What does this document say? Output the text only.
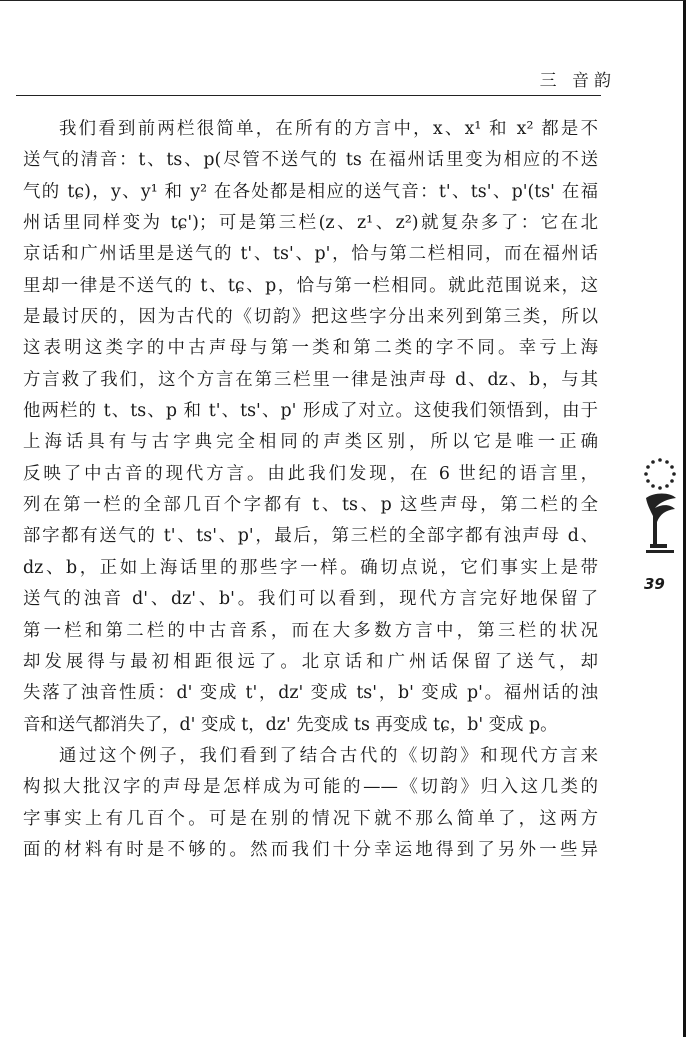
三 音韵
我们看到前两栏很简单，在所有的方言中，x、x¹ 和 x² 都是不
送气的清音：t、ts、p(尽管不送气的 ts 在福州话里变为相应的不送
气的 tɕ)，y、y¹ 和 y² 在各处都是相应的送气音：t'、ts'、p'(ts' 在福
州话里同样变为 tɕ')；可是第三栏(z、z¹、z²)就复杂多了：它在北
京话和广州话里是送气的 t'、ts'、p'，恰与第二栏相同，而在福州话
里却一律是不送气的 t、tɕ、p，恰与第一栏相同。就此范围说来，这
是最讨厌的，因为古代的《切韵》把这些字分出来列到第三类，所以
这表明这类字的中古声母与第一类和第二类的字不同。幸亏上海
方言救了我们，这个方言在第三栏里一律是浊声母 d、dz、b，与其
他两栏的 t、ts、p 和 t'、ts'、p' 形成了对立。这使我们领悟到，由于
上海话具有与古字典完全相同的声类区别，所以它是唯一正确
反映了中古音的现代方言。由此我们发现，在 6 世纪的语言里，
列在第一栏的全部几百个字都有 t、ts、p 这些声母，第二栏的全
部字都有送气的 t'、ts'、p'，最后，第三栏的全部字都有浊声母 d、
dz、b，正如上海话里的那些字一样。确切点说，它们事实上是带
送气的浊音 d'、dz'、b'。我们可以看到，现代方言完好地保留了
第一栏和第二栏的中古音系，而在大多数方言中，第三栏的状况
却发展得与最初相距很远了。北京话和广州话保留了送气，却
失落了浊音性质：d' 变成 t'，dz' 变成 ts'，b' 变成 p'。福州话的浊
音和送气都消失了，d' 变成 t，dz' 先变成 ts 再变成 tɕ，b' 变成 p。
通过这个例子，我们看到了结合古代的《切韵》和现代方言来
构拟大批汉字的声母是怎样成为可能的——《切韵》归入这几类的
字事实上有几百个。可是在别的情况下就不那么简单了，这两方
面的材料有时是不够的。然而我们十分幸运地得到了另外一些异
39
